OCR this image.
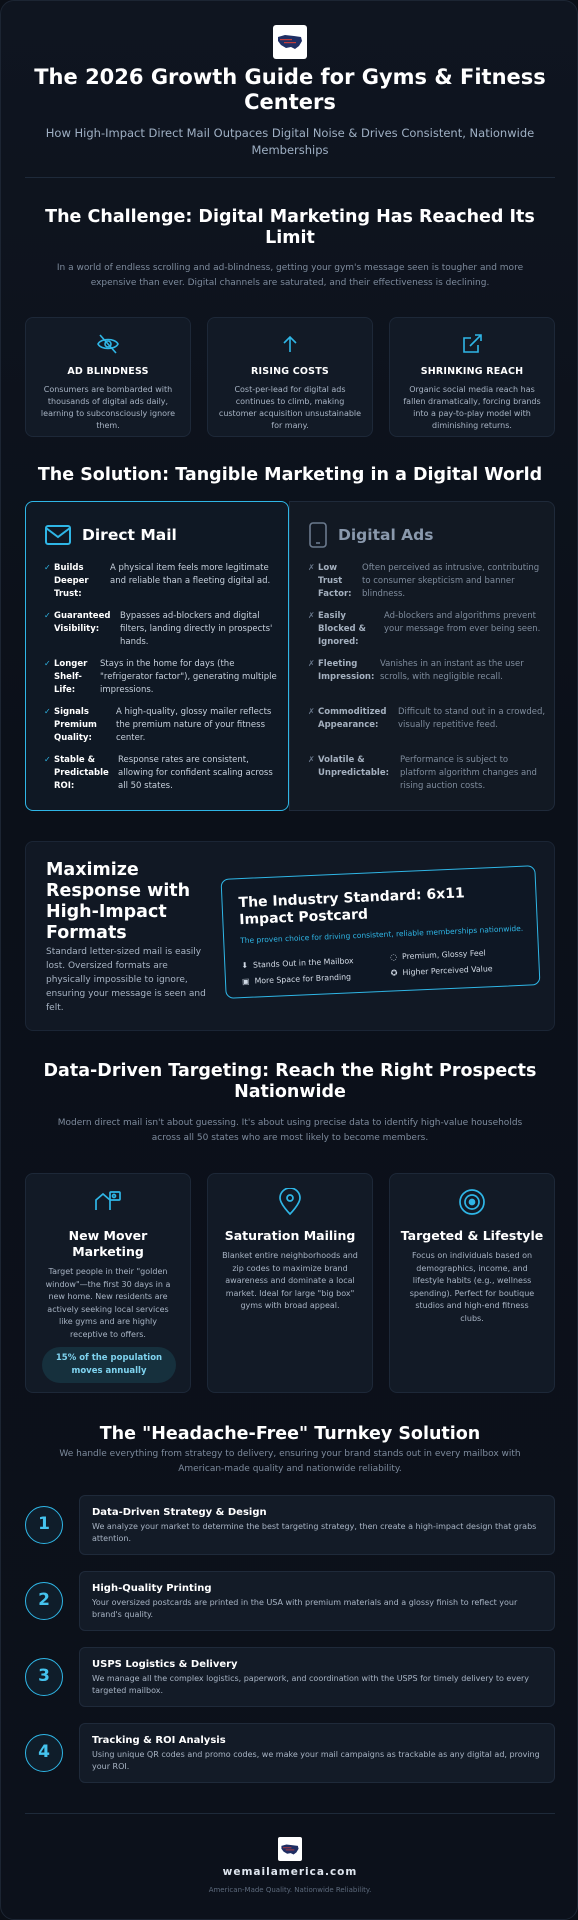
The 2026 Growth Guide for Gyms & Fitness Centers
How High-Impact Direct Mail Outpaces Digital Noise & Drives Consistent, Nationwide Memberships
The Challenge: Digital Marketing Has Reached Its Limit
In a world of endless scrolling and ad-blindness, getting your gym's message seen is tougher and more expensive than ever. Digital channels are saturated, and their effectiveness is declining.
AD BLINDNESS
Consumers are bombarded with thousands of digital ads daily, learning to subconsciously ignore them.
RISING COSTS
Cost-per-lead for digital ads continues to climb, making customer acquisition unsustainable for many.
SHRINKING REACH
Organic social media reach has fallen dramatically, forcing brands into a pay-to-play model with diminishing returns.
The Solution: Tangible Marketing in a Digital World
Direct Mail
✓ Builds Deeper Trust:
A physical item feels more legitimate and reliable than a fleeting digital ad.
✓ Guaranteed Visibility:
Bypasses ad-blockers and digital filters, landing directly in prospects' hands.
✓ Longer Shelf-Life:
Stays in the home for days (the "refrigerator factor"), generating multiple impressions.
✓ Signals Premium Quality:
A high-quality, glossy mailer reflects the premium nature of your fitness center.
✓ Stable & Predictable ROI:
Response rates are consistent, allowing for confident scaling across all 50 states.
Digital Ads
✗ Low Trust Factor:
Often perceived as intrusive, contributing to consumer skepticism and banner blindness.
✗ Easily Blocked & Ignored:
Ad-blockers and algorithms prevent your message from ever being seen.
✗ Fleeting Impression:
Vanishes in an instant as the user scrolls, with negligible recall.
✗ Commoditized Appearance:
Difficult to stand out in a crowded, visually repetitive feed.
✗ Volatile & Unpredictable:
Performance is subject to platform algorithm changes and rising auction costs.
Maximize Response with High-Impact Formats
Standard letter-sized mail is easily lost. Oversized formats are physically impossible to ignore, ensuring your message is seen and felt.
The Industry Standard: 6x11 Impact Postcard
The proven choice for driving consistent, reliable memberships nationwide.
⬇ Stands Out in the Mailbox	◌ Premium, Glossy Feel
▣ More Space for Branding	✪ Higher Perceived Value
Data-Driven Targeting: Reach the Right Prospects Nationwide
Modern direct mail isn't about guessing. It's about using precise data to identify high-value households across all 50 states who are most likely to become members.
New Mover Marketing
Target people in their "golden window"—the first 30 days in a new home. New residents are actively seeking local services like gyms and are highly receptive to offers.
15% of the population moves annually
Saturation Mailing
Blanket entire neighborhoods and zip codes to maximize brand awareness and dominate a local market. Ideal for large "big box" gyms with broad appeal.
Targeted & Lifestyle
Focus on individuals based on demographics, income, and lifestyle habits (e.g., wellness spending). Perfect for boutique studios and high-end fitness clubs.
The "Headache-Free" Turnkey Solution
We handle everything from strategy to delivery, ensuring your brand stands out in every mailbox with American-made quality and nationwide reliability.
1
Data-Driven Strategy & Design
We analyze your market to determine the best targeting strategy, then create a high-impact design that grabs attention.
2
High-Quality Printing
Your oversized postcards are printed in the USA with premium materials and a glossy finish to reflect your brand's quality.
3
USPS Logistics & Delivery
We manage all the complex logistics, paperwork, and coordination with the USPS for timely delivery to every targeted mailbox.
4
Tracking & ROI Analysis
Using unique QR codes and promo codes, we make your mail campaigns as trackable as any digital ad, proving your ROI.
wemailamerica.com
American-Made Quality. Nationwide Reliability.
